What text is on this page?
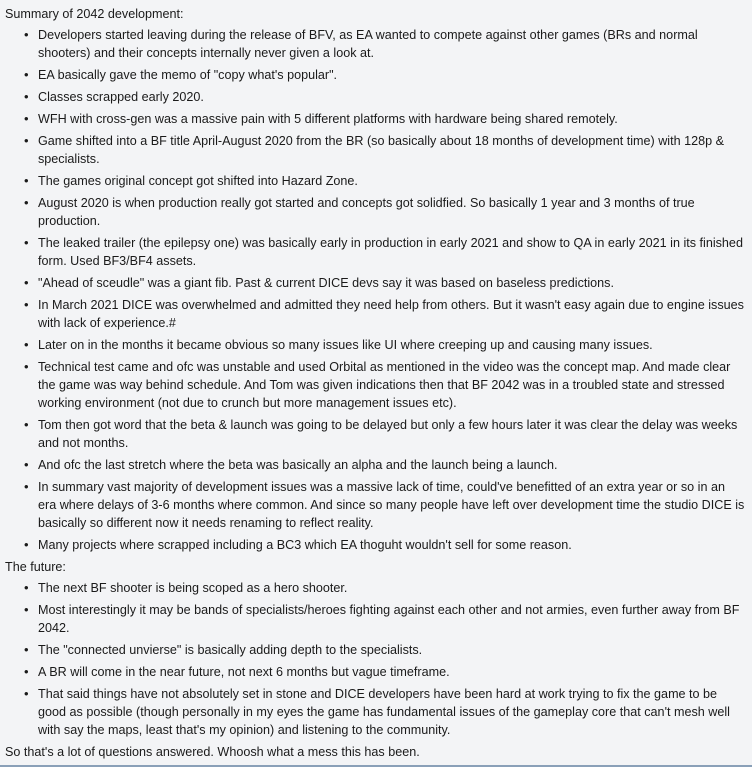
Summary of 2042 development:
• Developers started leaving during the release of BFV, as EA wanted to compete against other games (BRs and normal shooters) and their concepts internally never given a look at.
• EA basically gave the memo of "copy what's popular".
• Classes scrapped early 2020.
• WFH with cross-gen was a massive pain with 5 different platforms with hardware being shared remotely.
• Game shifted into a BF title April-August 2020 from the BR (so basically about 18 months of development time) with 128p & specialists.
• The games original concept got shifted into Hazard Zone.
• August 2020 is when production really got started and concepts got solidfied. So basically 1 year and 3 months of true production.
• The leaked trailer (the epilepsy one) was basically early in production in early 2021 and show to QA in early 2021 in its finished form. Used BF3/BF4 assets.
• "Ahead of sceudle" was a giant fib. Past & current DICE devs say it was based on baseless predictions.
• In March 2021 DICE was overwhelmed and admitted they need help from others. But it wasn't easy again due to engine issues with lack of experience.#
• Later on in the months it became obvious so many issues like UI where creeping up and causing many issues.
• Technical test came and ofc was unstable and used Orbital as mentioned in the video was the concept map. And made clear the game was way behind schedule. And Tom was given indications then that BF 2042 was in a troubled state and stressed working environment (not due to crunch but more management issues etc).
• Tom then got word that the beta & launch was going to be delayed but only a few hours later it was clear the delay was weeks and not months.
• And ofc the last stretch where the beta was basically an alpha and the launch being a launch.
• In summary vast majority of development issues was a massive lack of time, could've benefitted of an extra year or so in an era where delays of 3-6 months where common. And since so many people have left over development time the studio DICE is basically so different now it needs renaming to reflect reality.
• Many projects where scrapped including a BC3 which EA thoguht wouldn't sell for some reason.
The future:
• The next BF shooter is being scoped as a hero shooter.
• Most interestingly it may be bands of specialists/heroes fighting against each other and not armies, even further away from BF 2042.
• The "connected unvierse" is basically adding depth to the specialists.
• A BR will come in the near future, not next 6 months but vague timeframe.
• That said things have not absolutely set in stone and DICE developers have been hard at work trying to fix the game to be good as possible (though personally in my eyes the game has fundamental issues of the gameplay core that can't mesh well with say the maps, least that's my opinion) and listening to the community.
So that's a lot of questions answered. Whoosh what a mess this has been.
